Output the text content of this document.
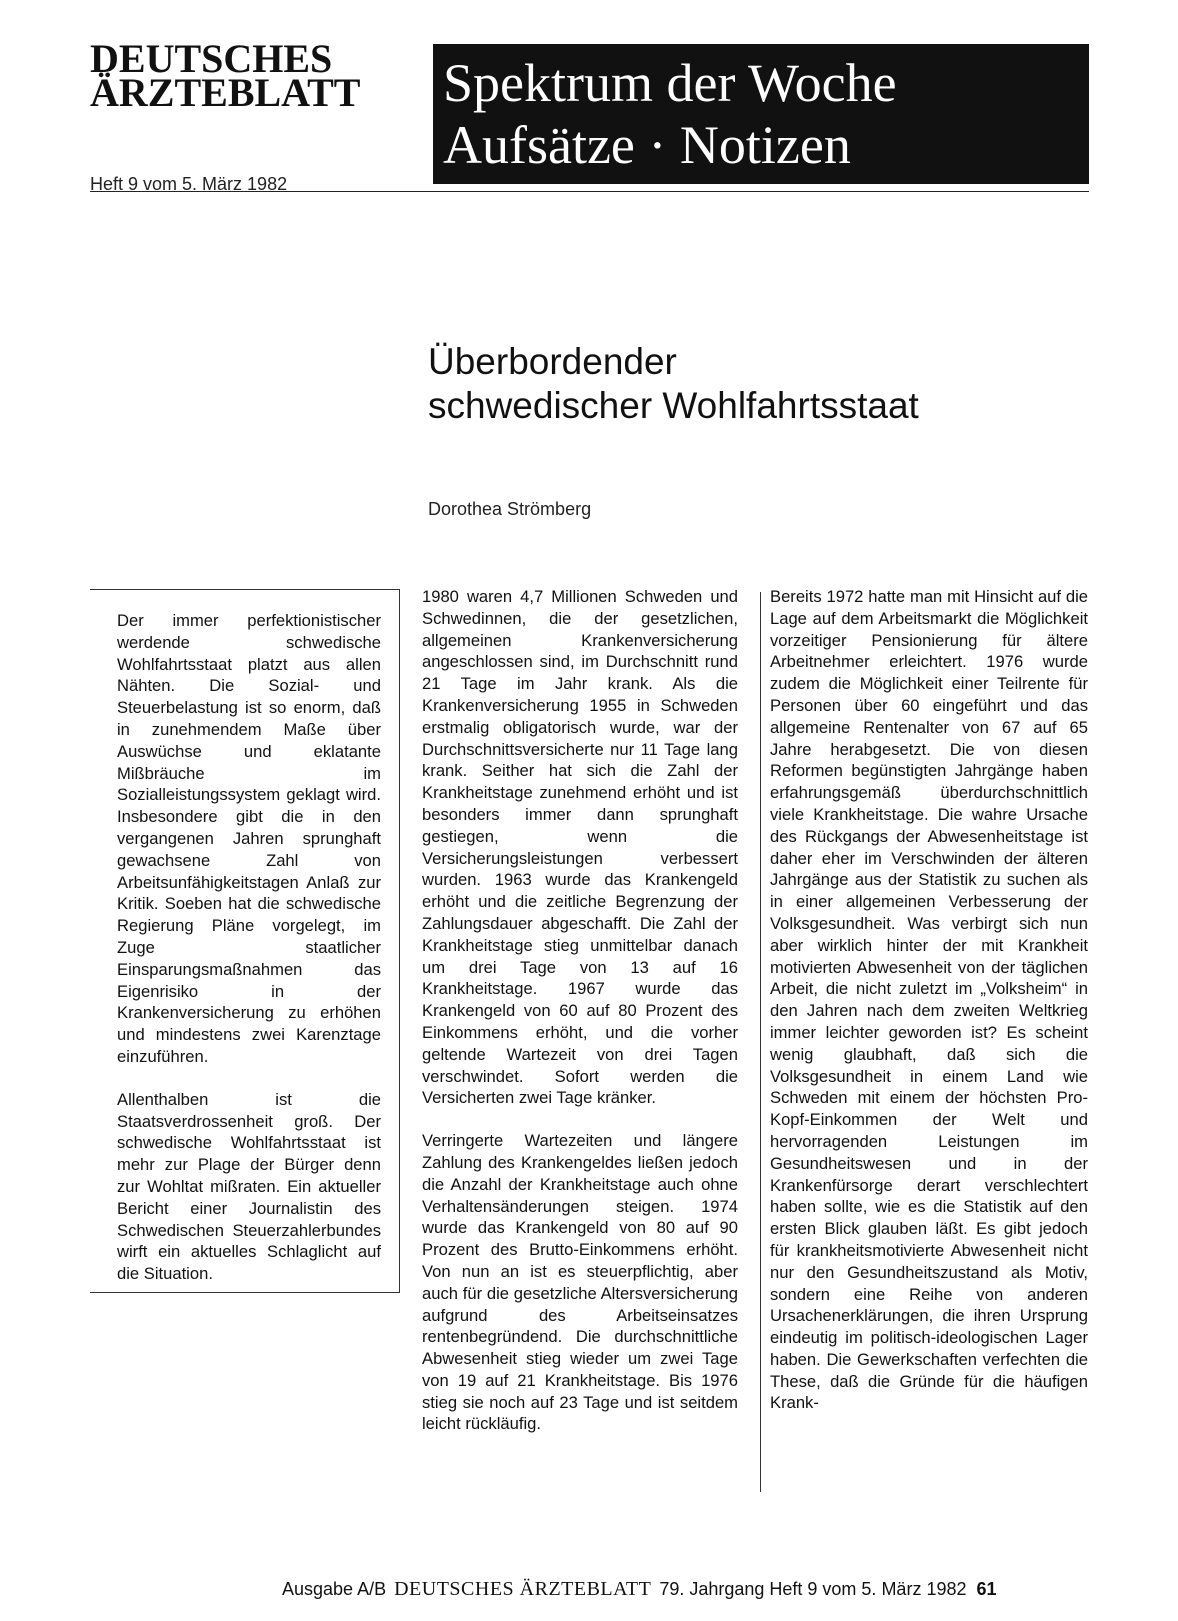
DEUTSCHES
ÄRZTEBLATT	Spektrum der Woche
Aufsätze · Notizen
Heft 9 vom 5. März 1982
Überbordender
schwedischer Wohlfahrtsstaat
Dorothea Strömberg

Der immer perfektionistischer werdende schwedische Wohlfahrtsstaat platzt aus allen Nähten. Die Sozial- und Steuerbelastung ist so enorm, daß in zunehmendem Maße über Auswüchse und eklatante Mißbräuche im Sozialleistungssystem geklagt wird. Insbesondere gibt die in den vergangenen Jahren sprunghaft gewachsene Zahl von Arbeitsunfähigkeitstagen Anlaß zur Kritik. Soeben hat die schwedische Regierung Pläne vorgelegt, im Zuge staatlicher Einsparungsmaßnahmen das Eigenrisiko in der Krankenversicherung zu erhöhen und mindestens zwei Karenztage einzuführen.

Allenthalben ist die Staatsverdrossenheit groß. Der schwedische Wohlfahrtsstaat ist mehr zur Plage der Bürger denn zur Wohltat mißraten. Ein aktueller Bericht einer Journalistin des Schwedischen Steuerzahlerbundes wirft ein aktuelles Schlaglicht auf die Situation.

1980 waren 4,7 Millionen Schweden und Schwedinnen, die der gesetzlichen, allgemeinen Krankenversicherung angeschlossen sind, im Durchschnitt rund 21 Tage im Jahr krank. Als die Krankenversicherung 1955 in Schweden erstmalig obligatorisch wurde, war der Durchschnittsversicherte nur 11 Tage lang krank. Seither hat sich die Zahl der Krankheitstage zunehmend erhöht und ist besonders immer dann sprunghaft gestiegen, wenn die Versicherungsleistungen verbessert wurden. 1963 wurde das Krankengeld erhöht und die zeitliche Begrenzung der Zahlungsdauer abgeschafft. Die Zahl der Krankheitstage stieg unmittelbar danach um drei Tage von 13 auf 16 Krankheitstage. 1967 wurde das Krankengeld von 60 auf 80 Prozent des Einkommens erhöht, und die vorher geltende Wartezeit von drei Tagen verschwindet. Sofort werden die Versicherten zwei Tage kränker.

Verringerte Wartezeiten und längere Zahlung des Krankengeldes ließen jedoch die Anzahl der Krankheitstage auch ohne Verhaltensänderungen steigen. 1974 wurde das Krankengeld von 80 auf 90 Prozent des Brutto-Einkommens erhöht. Von nun an ist es steuerpflichtig, aber auch für die gesetzliche Altersversicherung aufgrund des Arbeitseinsatzes rentenbegründend. Die durchschnittliche Abwesenheit stieg wieder um zwei Tage von 19 auf 21 Krankheitstage. Bis 1976 stieg sie noch auf 23 Tage und ist seitdem leicht rückläufig.

Bereits 1972 hatte man mit Hinsicht auf die Lage auf dem Arbeitsmarkt die Möglichkeit vorzeitiger Pensionierung für ältere Arbeitnehmer erleichtert. 1976 wurde zudem die Möglichkeit einer Teilrente für Personen über 60 eingeführt und das allgemeine Rentenalter von 67 auf 65 Jahre herabgesetzt. Die von diesen Reformen begünstigten Jahrgänge haben erfahrungsgemäß überdurchschnittlich viele Krankheitstage. Die wahre Ursache des Rückgangs der Abwesenheitstage ist daher eher im Verschwinden der älteren Jahrgänge aus der Statistik zu suchen als in einer allgemeinen Verbesserung der Volksgesundheit. Was verbirgt sich nun aber wirklich hinter der mit Krankheit motivierten Abwesenheit von der täglichen Arbeit, die nicht zuletzt im „Volksheim“ in den Jahren nach dem zweiten Weltkrieg immer leichter geworden ist? Es scheint wenig glaubhaft, daß sich die Volksgesundheit in einem Land wie Schweden mit einem der höchsten Pro-Kopf-Einkommen der Welt und hervorragenden Leistungen im Gesundheitswesen und in der Krankenfürsorge derart verschlechtert haben sollte, wie es die Statistik auf den ersten Blick glauben läßt. Es gibt jedoch für krankheitsmotivierte Abwesenheit nicht nur den Gesundheitszustand als Motiv, sondern eine Reihe von anderen Ursachenerklärungen, die ihren Ursprung eindeutig im politisch-ideologischen Lager haben. Die Gewerkschaften verfechten die These, daß die Gründe für die häufigen Krank-

Ausgabe A/B DEUTSCHES ÄRZTEBLATT 79. Jahrgang Heft 9 vom 5. März 1982 61
